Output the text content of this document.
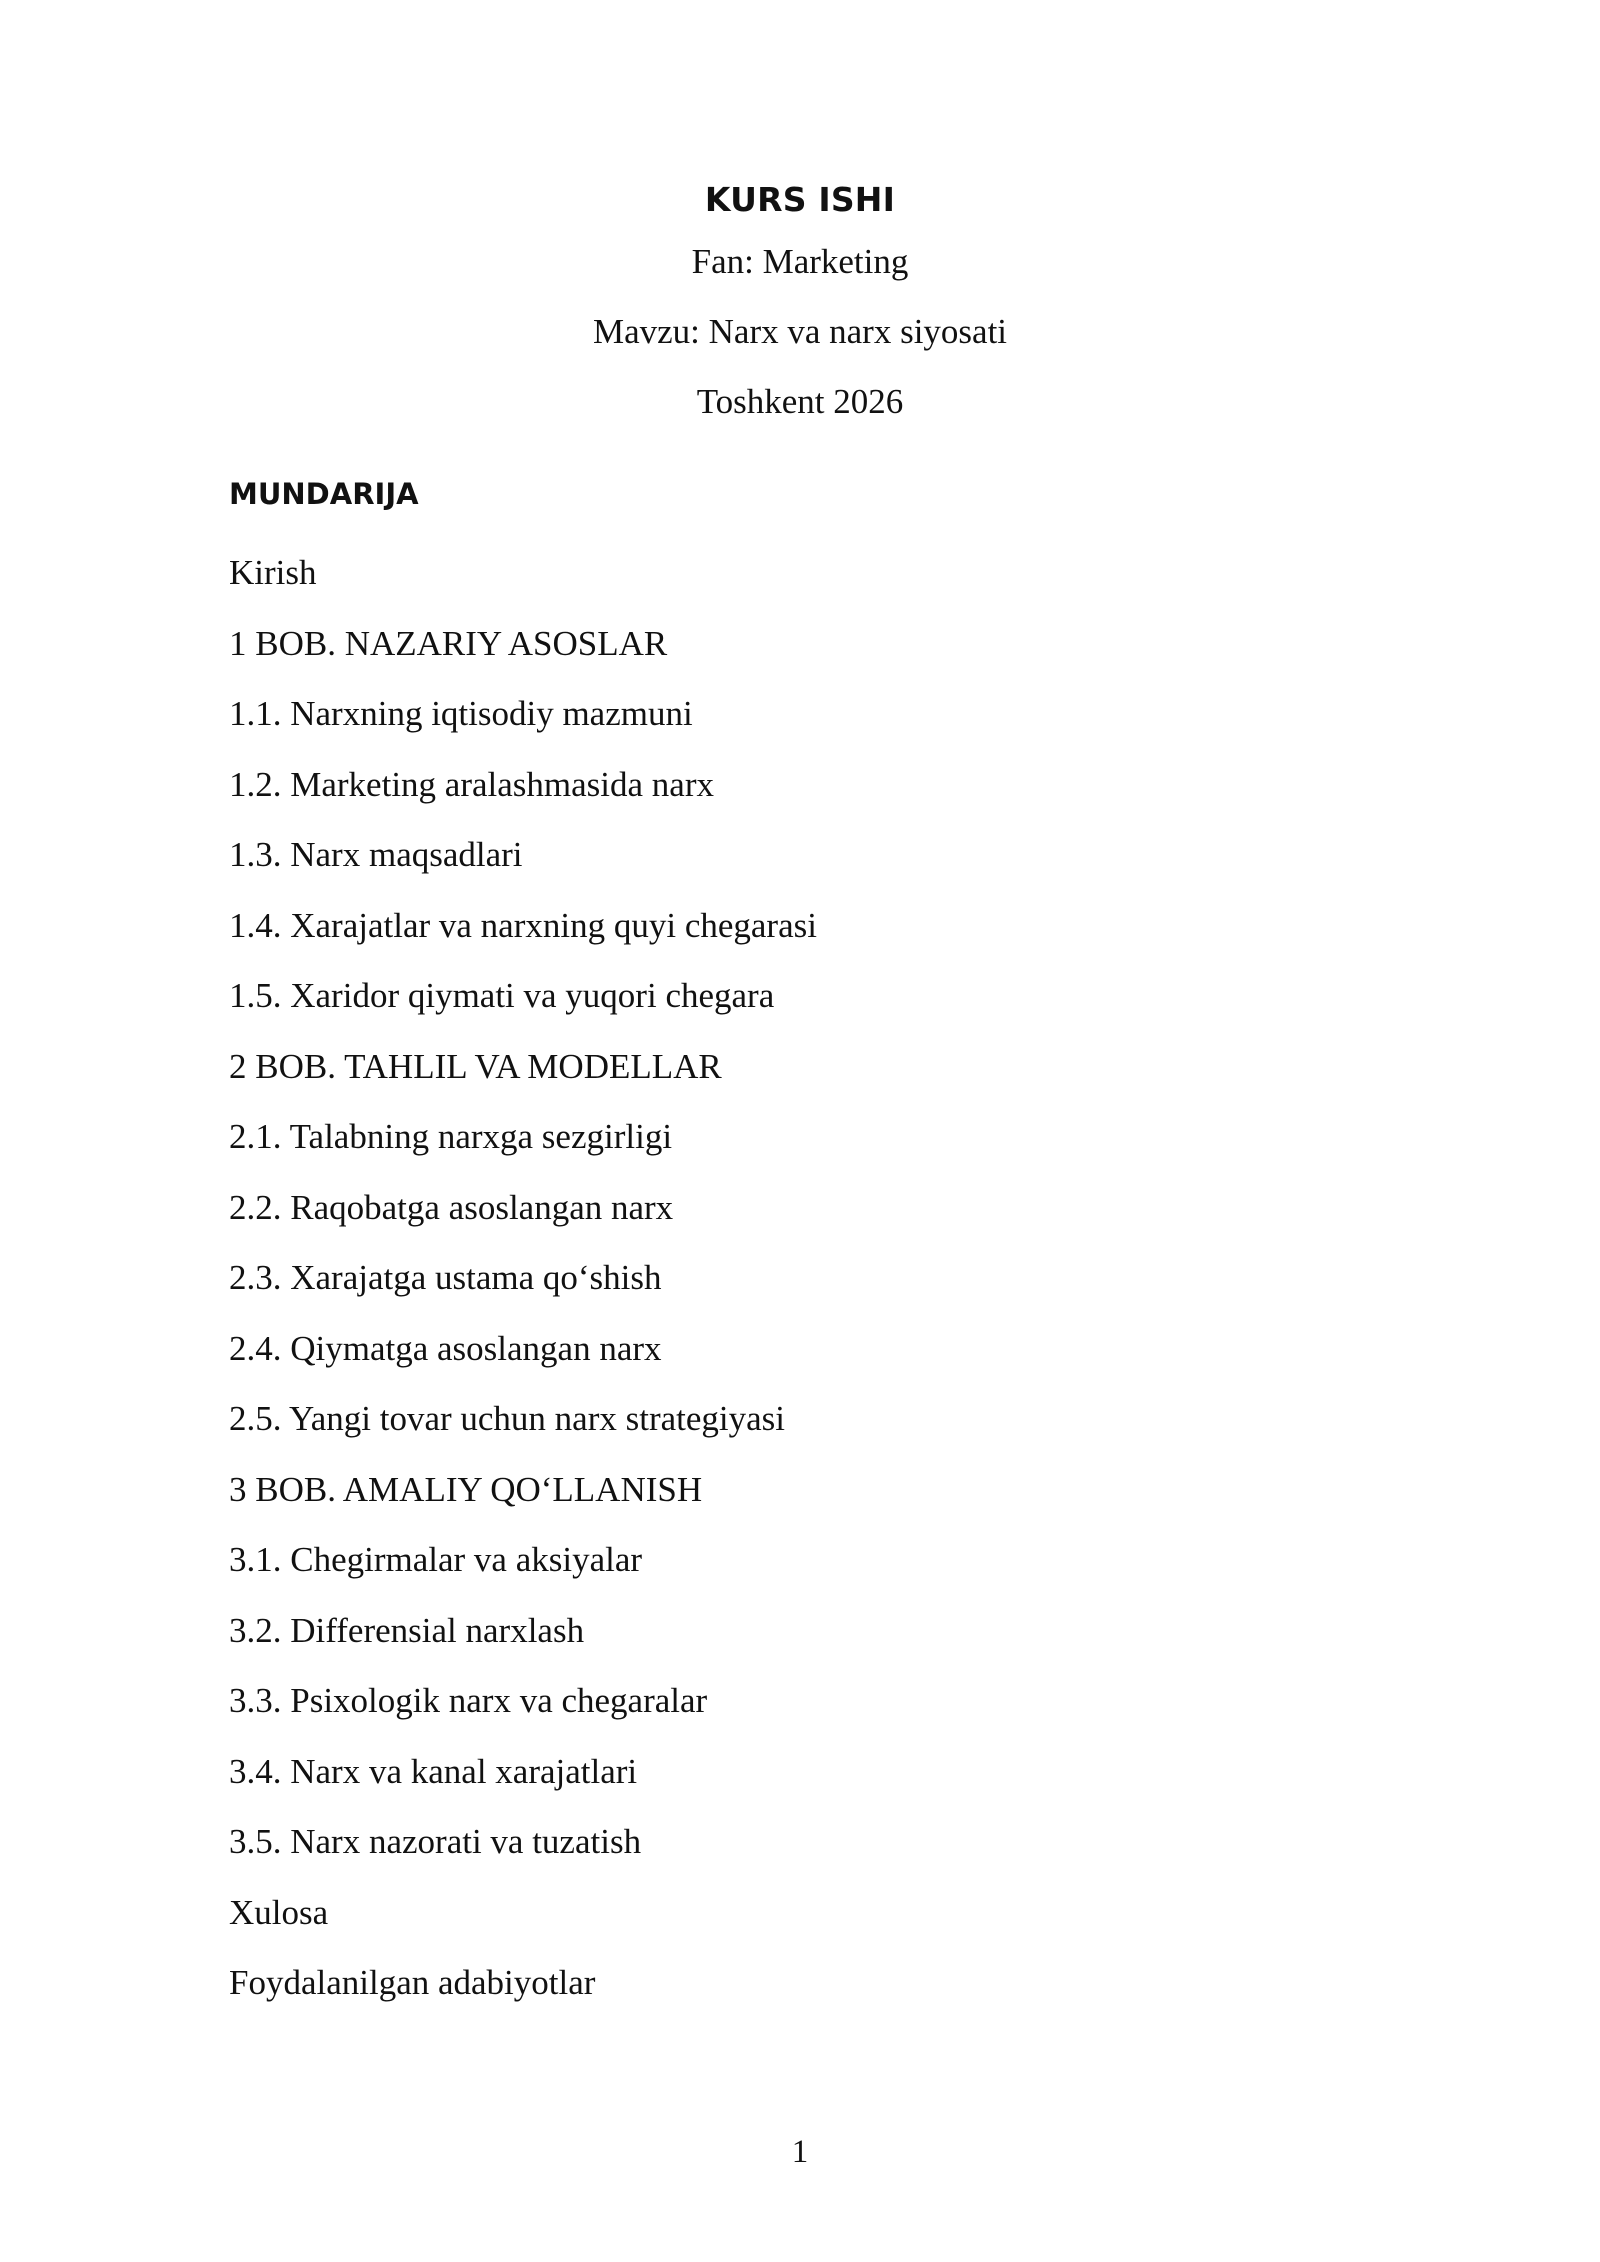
KURS ISHI
Fan: Marketing
Mavzu: Narx va narx siyosati
Toshkent 2026
MUNDARIJA
Kirish
1 BOB. NAZARIY ASOSLAR
1.1. Narxning iqtisodiy mazmuni
1.2. Marketing aralashmasida narx
1.3. Narx maqsadlari
1.4. Xarajatlar va narxning quyi chegarasi
1.5. Xaridor qiymati va yuqori chegara
2 BOB. TAHLIL VA MODELLAR
2.1. Talabning narxga sezgirligi
2.2. Raqobatga asoslangan narx
2.3. Xarajatga ustama qo‘shish
2.4. Qiymatga asoslangan narx
2.5. Yangi tovar uchun narx strategiyasi
3 BOB. AMALIY QO‘LLANISH
3.1. Chegirmalar va aksiyalar
3.2. Differensial narxlash
3.3. Psixologik narx va chegaralar
3.4. Narx va kanal xarajatlari
3.5. Narx nazorati va tuzatish
Xulosa
Foydalanilgan adabiyotlar
1
